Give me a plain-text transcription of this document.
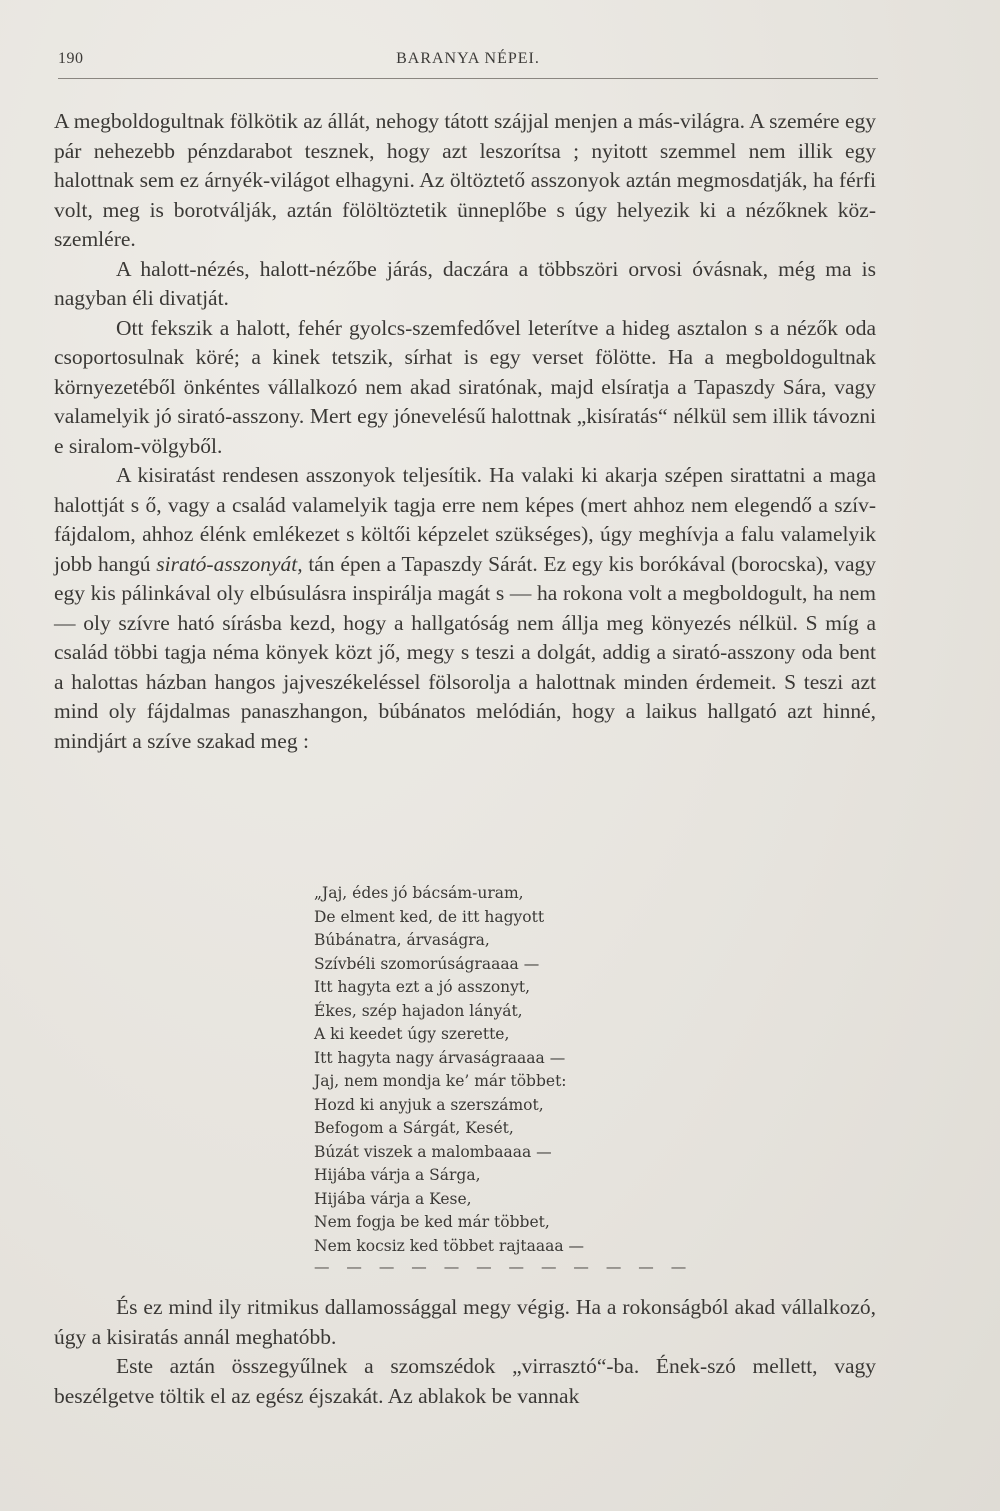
190	BARANYA NÉPEI.

A megboldogultnak fölkötik az állát, nehogy tátott szájjal menjen a más-világra. A szemére egy pár nehezebb pénzdarabot tesznek, hogy azt leszorítsa ; nyitott szemmel nem illik egy halottnak sem ez árnyék-világot elhagyni. Az öltöztető asszonyok aztán megmosdatják, ha férfi volt, meg is borotválják, aztán fölöltöztetik ünneplőbe s úgy helyezik ki a nézőknek köz-szemlére.

A halott-nézés, halott-nézőbe járás, daczára a többszöri orvosi óvásnak, még ma is nagyban éli divatját.

Ott fekszik a halott, fehér gyolcs-szemfedővel leterítve a hideg asztalon s a nézők oda csoportosulnak köré; a kinek tetszik, sírhat is egy verset fölötte. Ha a megboldogultnak környezetéből önkéntes vállalkozó nem akad siratónak, majd elsíratja a Tapaszdy Sára, vagy valamelyik jó sirató-asszony. Mert egy jónevelésű halottnak „kisíratás“ nélkül sem illik távozni e siralom-völgyből.

A kisiratást rendesen asszonyok teljesítik. Ha valaki ki akarja szépen sirattatni a maga halottját s ő, vagy a család valamelyik tagja erre nem képes (mert ahhoz nem elegendő a szív-fájdalom, ahhoz élénk emlékezet s költői képzelet szükséges), úgy meghívja a falu valamelyik jobb hangú sirató-asszonyát, tán épen a Tapaszdy Sárát. Ez egy kis borókával (borocska), vagy egy kis pálinkával oly elbúsulásra inspirálja magát s — ha rokona volt a megboldogult, ha nem — oly szívre ható sírásba kezd, hogy a hallgatóság nem állja meg könyezés nélkül. S míg a család többi tagja néma könyek közt jő, megy s teszi a dolgát, addig a sirató-asszony oda bent a halottas házban hangos jajveszékeléssel fölsorolja a halottnak minden érdemeit. S teszi azt mind oly fájdalmas panaszhangon, búbánatos melódián, hogy a laikus hallgató azt hinné, mindjárt a szíve szakad meg :

„Jaj, édes jó bácsám-uram,
De elment ked, de itt hagyott
Búbánatra, árvaságra,
Szívbéli szomorúságraaaa —
Itt hagyta ezt a jó asszonyt,
Ékes, szép hajadon lányát,
A ki keedet úgy szerette,
Itt hagyta nagy árvaságraaaa —
Jaj, nem mondja ke’ már többet:
Hozd ki anyjuk a szerszámot,
Befogom a Sárgát, Kesét,
Búzát viszek a malombaaaa —
Hijába várja a Sárga,
Hijába várja a Kese,
Nem fogja be ked már többet,
Nem kocsiz ked többet rajtaaaa —
— — — — — — — — — — — —

És ez mind ily ritmikus dallamossággal megy végig. Ha a rokonságból akad vállalkozó, úgy a kisiratás annál meghatóbb.

Este aztán összegyűlnek a szomszédok „virrasztó“-ba. Ének-szó mellett, vagy beszélgetve töltik el az egész éjszakát. Az ablakok be vannak
